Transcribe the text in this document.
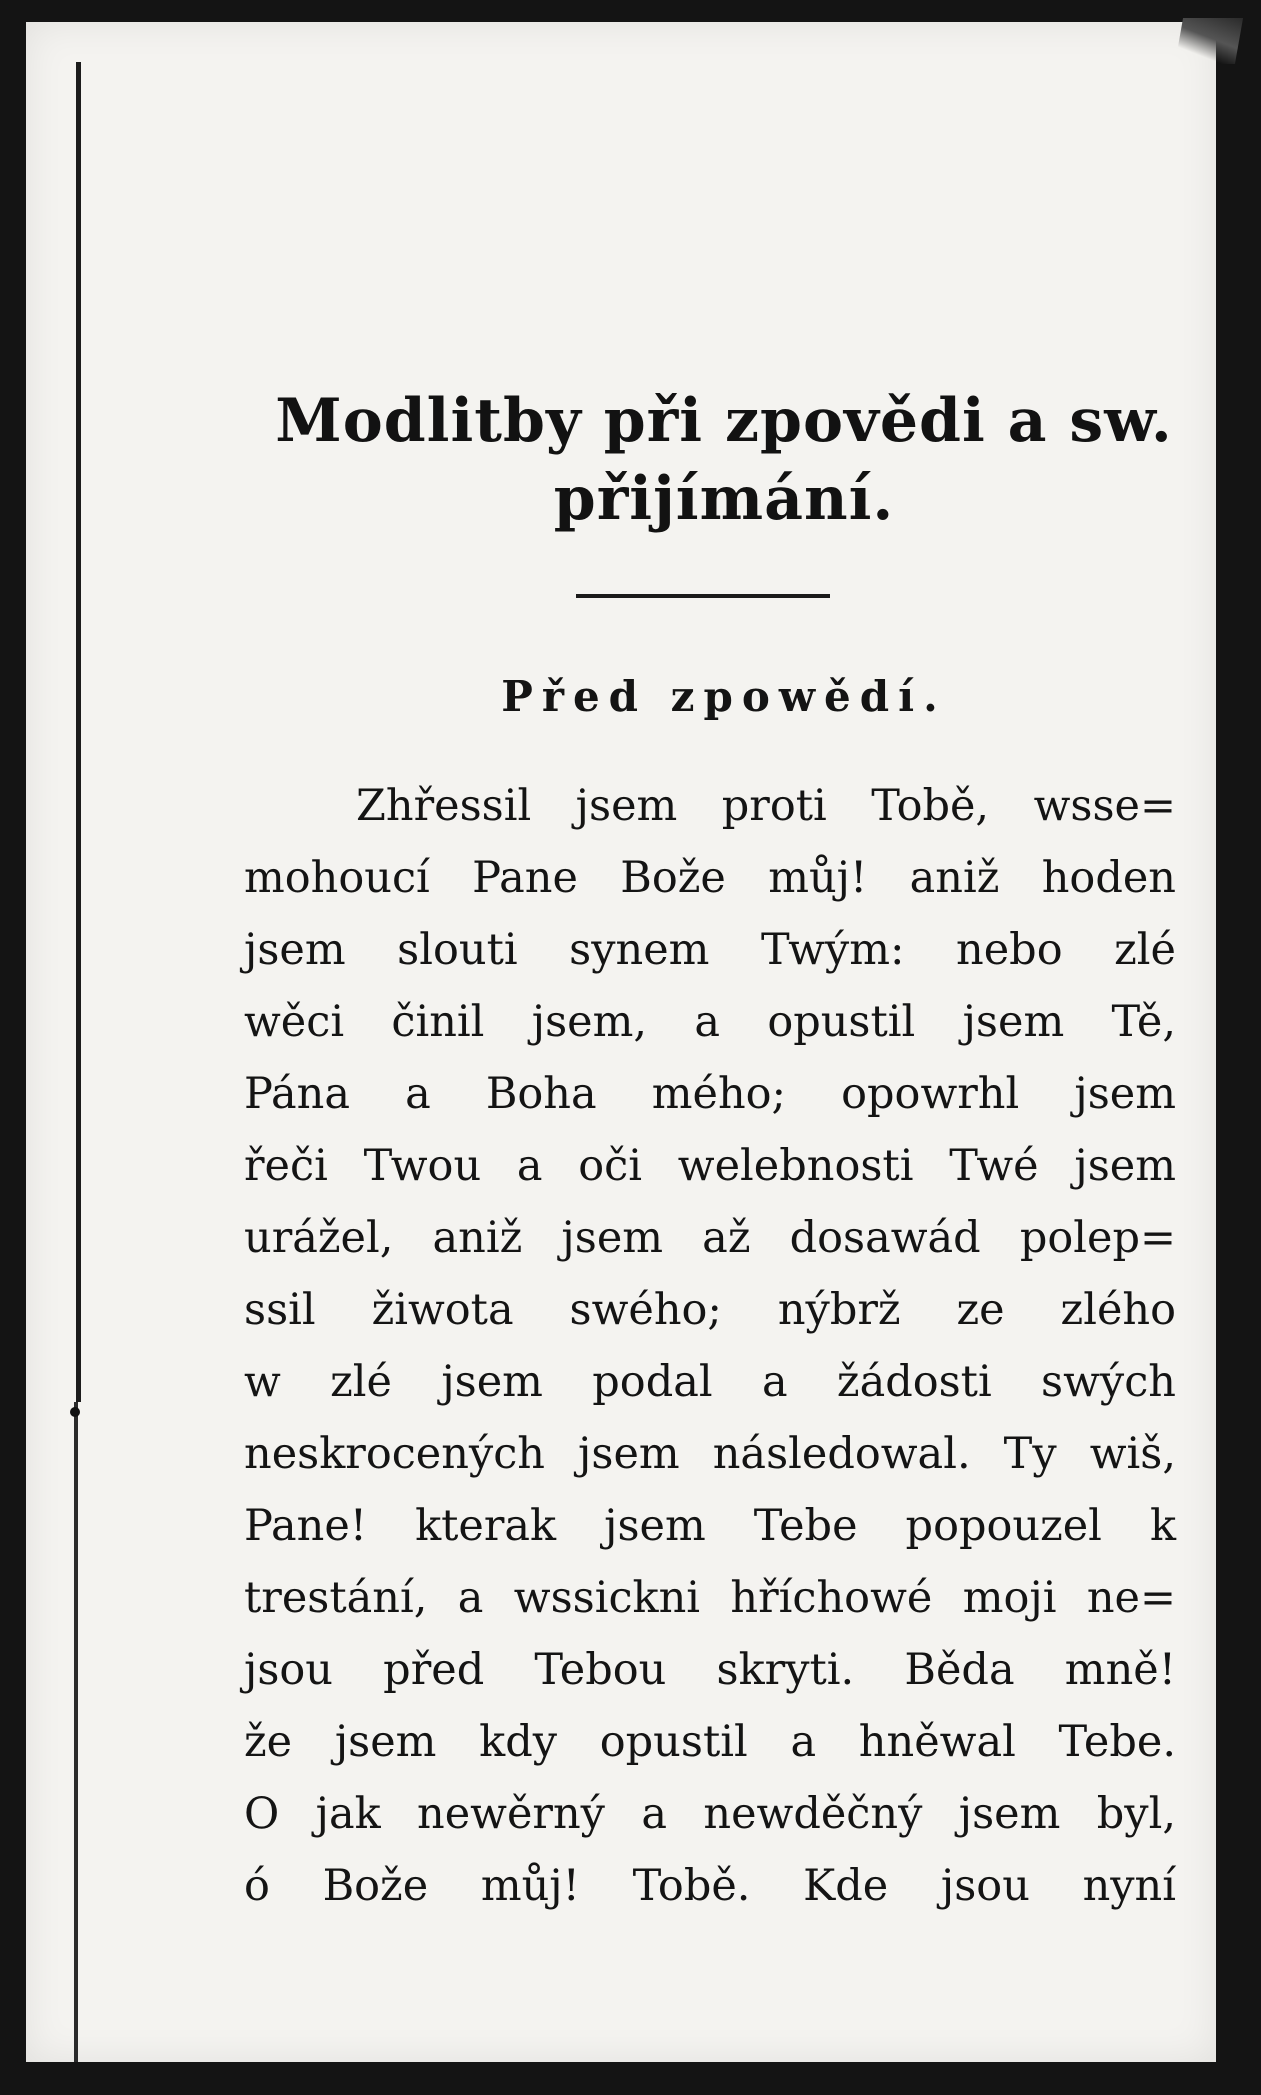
Modlitby při zpovědi a sw.
přijímání.
Před zpowědí.
Zhřessil jsem proti Tobě, wsse=
mohoucí Pane Bože můj! aniž hoden
jsem slouti synem Twým: nebo zlé
wěci činil jsem, a opustil jsem Tě,
Pána a Boha mého; opowrhl jsem
řeči Twou a oči welebnosti Twé jsem
urážel, aniž jsem až dosawád polep=
ssil žiwota swého; nýbrž ze zlého
w zlé jsem podal a žádosti swých
neskrocených jsem následowal. Ty wiš,
Pane! kterak jsem Tebe popouzel k
trestání, a wssickni hříchowé moji ne=
jsou před Tebou skryti. Běda mně!
že jsem kdy opustil a hněwal Tebe.
O jak newěrný a newděčný jsem byl,
ó Bože můj! Tobě. Kde jsou nyní
